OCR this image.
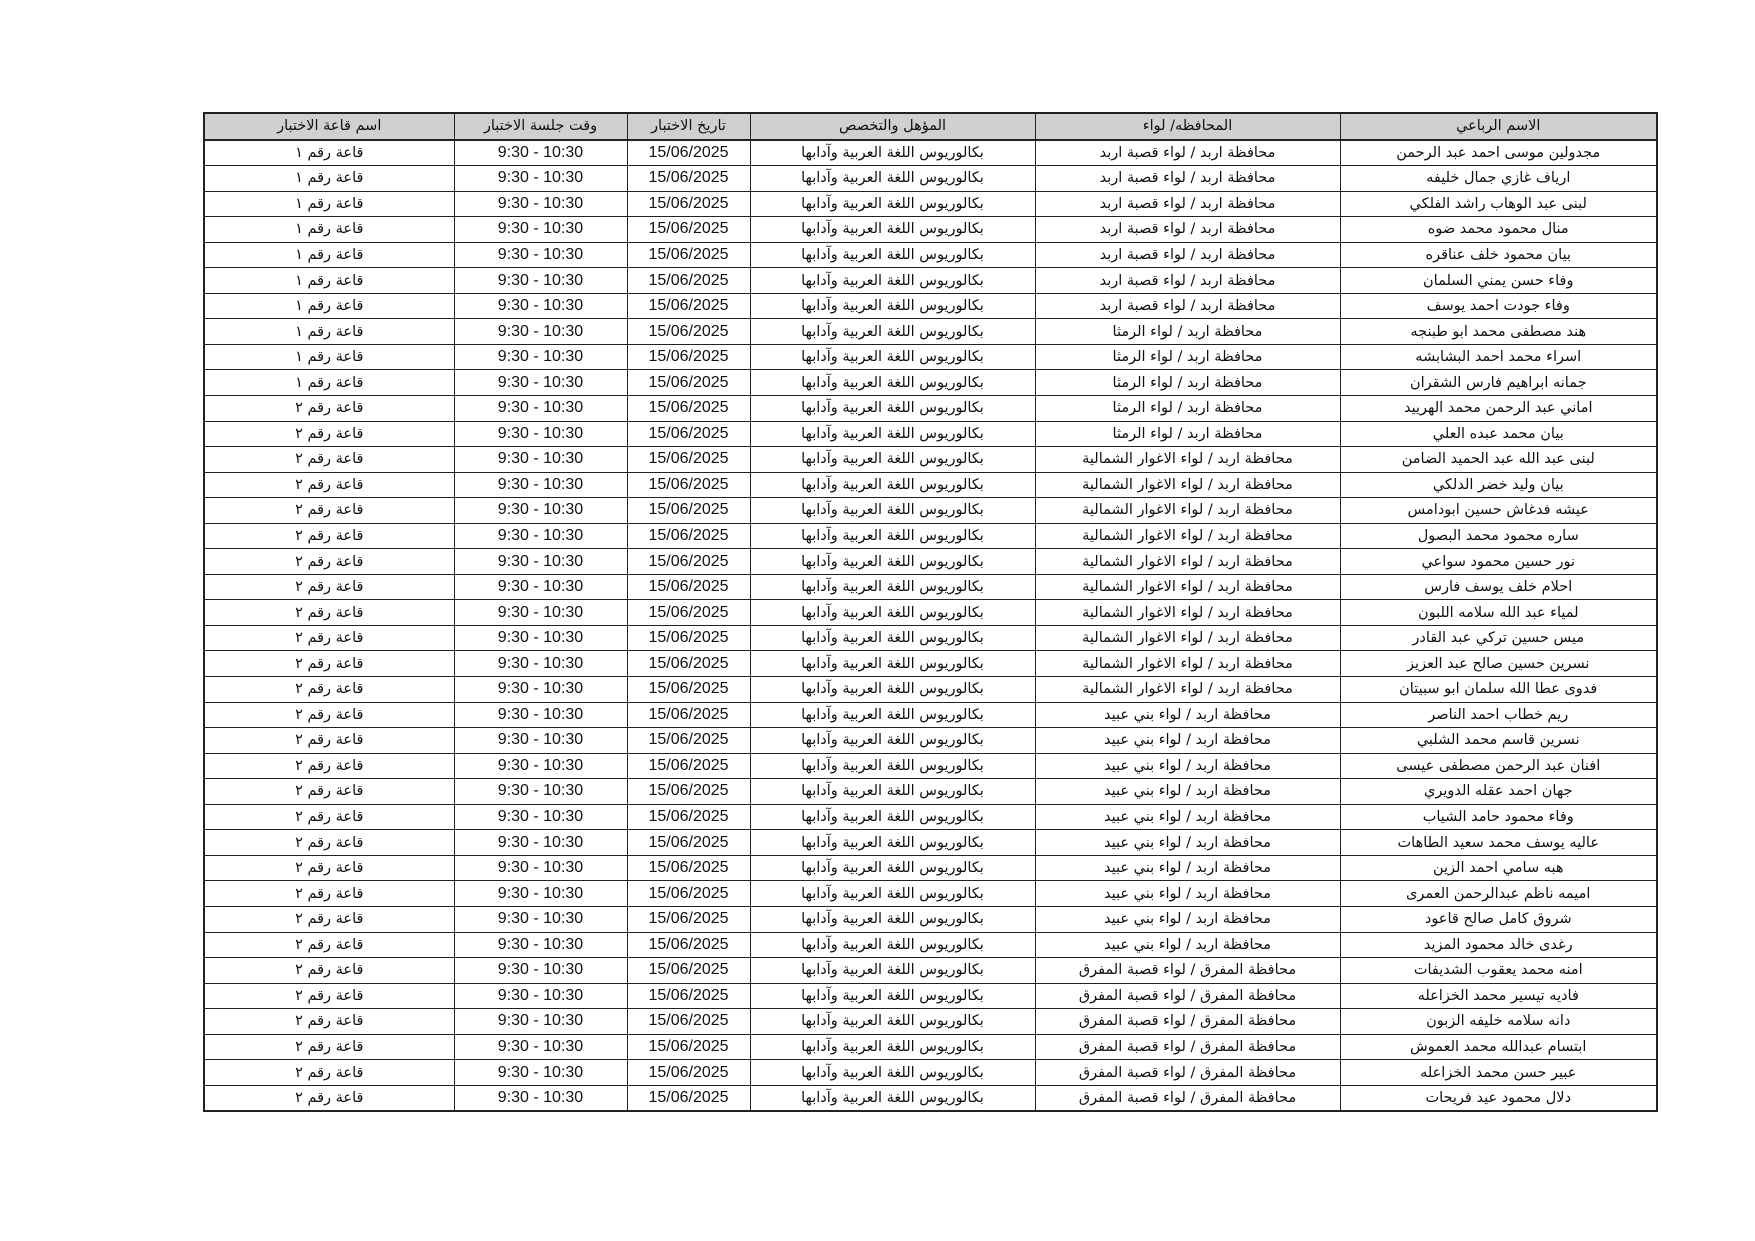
الاسم الرباعي	المحافظه/ لواء	المؤهل والتخصص	تاريخ الاختبار	وقت جلسة الاختبار	اسم قاعة الاختبار
مجدولين موسى احمد عبد الرحمن	محافظة اربد / لواء قصبة اربد	بكالوريوس اللغة العربية وآدابها	15/06/2025	9:30 - 10:30	قاعة رقم ١
ارياف غازي جمال خليفه	محافظة اربد / لواء قصبة اربد	بكالوريوس اللغة العربية وآدابها	15/06/2025	9:30 - 10:30	قاعة رقم ١
لبنى عبد الوهاب راشد الفلكي	محافظة اربد / لواء قصبة اربد	بكالوريوس اللغة العربية وآدابها	15/06/2025	9:30 - 10:30	قاعة رقم ١
منال محمود محمد ضوه	محافظة اربد / لواء قصبة اربد	بكالوريوس اللغة العربية وآدابها	15/06/2025	9:30 - 10:30	قاعة رقم ١
بيان محمود خلف عناقره	محافظة اربد / لواء قصبة اربد	بكالوريوس اللغة العربية وآدابها	15/06/2025	9:30 - 10:30	قاعة رقم ١
وفاء حسن يمني السلمان	محافظة اربد / لواء قصبة اربد	بكالوريوس اللغة العربية وآدابها	15/06/2025	9:30 - 10:30	قاعة رقم ١
وفاء جودت احمد يوسف	محافظة اربد / لواء قصبة اربد	بكالوريوس اللغة العربية وآدابها	15/06/2025	9:30 - 10:30	قاعة رقم ١
هند مصطفى محمد ابو طبنجه	محافظة اربد / لواء الرمثا	بكالوريوس اللغة العربية وآدابها	15/06/2025	9:30 - 10:30	قاعة رقم ١
اسراء محمد احمد البشابشه	محافظة اربد / لواء الرمثا	بكالوريوس اللغة العربية وآدابها	15/06/2025	9:30 - 10:30	قاعة رقم ١
جمانه ابراهيم فارس الشقران	محافظة اربد / لواء الرمثا	بكالوريوس اللغة العربية وآدابها	15/06/2025	9:30 - 10:30	قاعة رقم ١
اماني عبد الرحمن محمد الهرييد	محافظة اربد / لواء الرمثا	بكالوريوس اللغة العربية وآدابها	15/06/2025	9:30 - 10:30	قاعة رقم ٢
بيان محمد عبده العلي	محافظة اربد / لواء الرمثا	بكالوريوس اللغة العربية وآدابها	15/06/2025	9:30 - 10:30	قاعة رقم ٢
لبنى عبد الله عبد الحميد الضامن	محافظة اربد / لواء الاغوار الشمالية	بكالوريوس اللغة العربية وآدابها	15/06/2025	9:30 - 10:30	قاعة رقم ٢
بيان وليد خضر الدلكي	محافظة اربد / لواء الاغوار الشمالية	بكالوريوس اللغة العربية وآدابها	15/06/2025	9:30 - 10:30	قاعة رقم ٢
عيشه فدغاش حسين ابودامس	محافظة اربد / لواء الاغوار الشمالية	بكالوريوس اللغة العربية وآدابها	15/06/2025	9:30 - 10:30	قاعة رقم ٢
ساره محمود محمد البصول	محافظة اربد / لواء الاغوار الشمالية	بكالوريوس اللغة العربية وآدابها	15/06/2025	9:30 - 10:30	قاعة رقم ٢
نور حسين محمود سواعي	محافظة اربد / لواء الاغوار الشمالية	بكالوريوس اللغة العربية وآدابها	15/06/2025	9:30 - 10:30	قاعة رقم ٢
احلام خلف يوسف فارس	محافظة اربد / لواء الاغوار الشمالية	بكالوريوس اللغة العربية وآدابها	15/06/2025	9:30 - 10:30	قاعة رقم ٢
لمياء عبد الله سلامه اللبون	محافظة اربد / لواء الاغوار الشمالية	بكالوريوس اللغة العربية وآدابها	15/06/2025	9:30 - 10:30	قاعة رقم ٢
ميس حسين تركي عبد القادر	محافظة اربد / لواء الاغوار الشمالية	بكالوريوس اللغة العربية وآدابها	15/06/2025	9:30 - 10:30	قاعة رقم ٢
نسرين حسين صالح عبد العزيز	محافظة اربد / لواء الاغوار الشمالية	بكالوريوس اللغة العربية وآدابها	15/06/2025	9:30 - 10:30	قاعة رقم ٢
فدوى عطا الله سلمان ابو سبيتان	محافظة اربد / لواء الاغوار الشمالية	بكالوريوس اللغة العربية وآدابها	15/06/2025	9:30 - 10:30	قاعة رقم ٢
ريم خطاب احمد الناصر	محافظة اربد / لواء بني عبيد	بكالوريوس اللغة العربية وآدابها	15/06/2025	9:30 - 10:30	قاعة رقم ٢
نسرين قاسم محمد الشلبي	محافظة اربد / لواء بني عبيد	بكالوريوس اللغة العربية وآدابها	15/06/2025	9:30 - 10:30	قاعة رقم ٢
افنان عبد الرحمن مصطفى عيسى	محافظة اربد / لواء بني عبيد	بكالوريوس اللغة العربية وآدابها	15/06/2025	9:30 - 10:30	قاعة رقم ٢
جهان احمد عقله الدويري	محافظة اربد / لواء بني عبيد	بكالوريوس اللغة العربية وآدابها	15/06/2025	9:30 - 10:30	قاعة رقم ٢
وفاء محمود حامد الشياب	محافظة اربد / لواء بني عبيد	بكالوريوس اللغة العربية وآدابها	15/06/2025	9:30 - 10:30	قاعة رقم ٢
عاليه يوسف محمد سعيد الطاهات	محافظة اربد / لواء بني عبيد	بكالوريوس اللغة العربية وآدابها	15/06/2025	9:30 - 10:30	قاعة رقم ٢
هبه سامي احمد الزين	محافظة اربد / لواء بني عبيد	بكالوريوس اللغة العربية وآدابها	15/06/2025	9:30 - 10:30	قاعة رقم ٢
اميمه ناظم عبدالرحمن العمرى	محافظة اربد / لواء بني عبيد	بكالوريوس اللغة العربية وآدابها	15/06/2025	9:30 - 10:30	قاعة رقم ٢
شروق كامل صالح قاعود	محافظة اربد / لواء بني عبيد	بكالوريوس اللغة العربية وآدابها	15/06/2025	9:30 - 10:30	قاعة رقم ٢
رغدى خالد محمود المزيد	محافظة اربد / لواء بني عبيد	بكالوريوس اللغة العربية وآدابها	15/06/2025	9:30 - 10:30	قاعة رقم ٢
امنه محمد يعقوب الشديفات	محافظة المفرق / لواء قصبة المفرق	بكالوريوس اللغة العربية وآدابها	15/06/2025	9:30 - 10:30	قاعة رقم ٢
فاديه تيسير محمد الخزاعله	محافظة المفرق / لواء قصبة المفرق	بكالوريوس اللغة العربية وآدابها	15/06/2025	9:30 - 10:30	قاعة رقم ٢
دانه سلامه خليفه الزبون	محافظة المفرق / لواء قصبة المفرق	بكالوريوس اللغة العربية وآدابها	15/06/2025	9:30 - 10:30	قاعة رقم ٢
ابتسام عبدالله محمد العموش	محافظة المفرق / لواء قصبة المفرق	بكالوريوس اللغة العربية وآدابها	15/06/2025	9:30 - 10:30	قاعة رقم ٢
عبير حسن محمد الخزاعله	محافظة المفرق / لواء قصبة المفرق	بكالوريوس اللغة العربية وآدابها	15/06/2025	9:30 - 10:30	قاعة رقم ٢
دلال محمود عيد فريحات	محافظة المفرق / لواء قصبة المفرق	بكالوريوس اللغة العربية وآدابها	15/06/2025	9:30 - 10:30	قاعة رقم ٢
